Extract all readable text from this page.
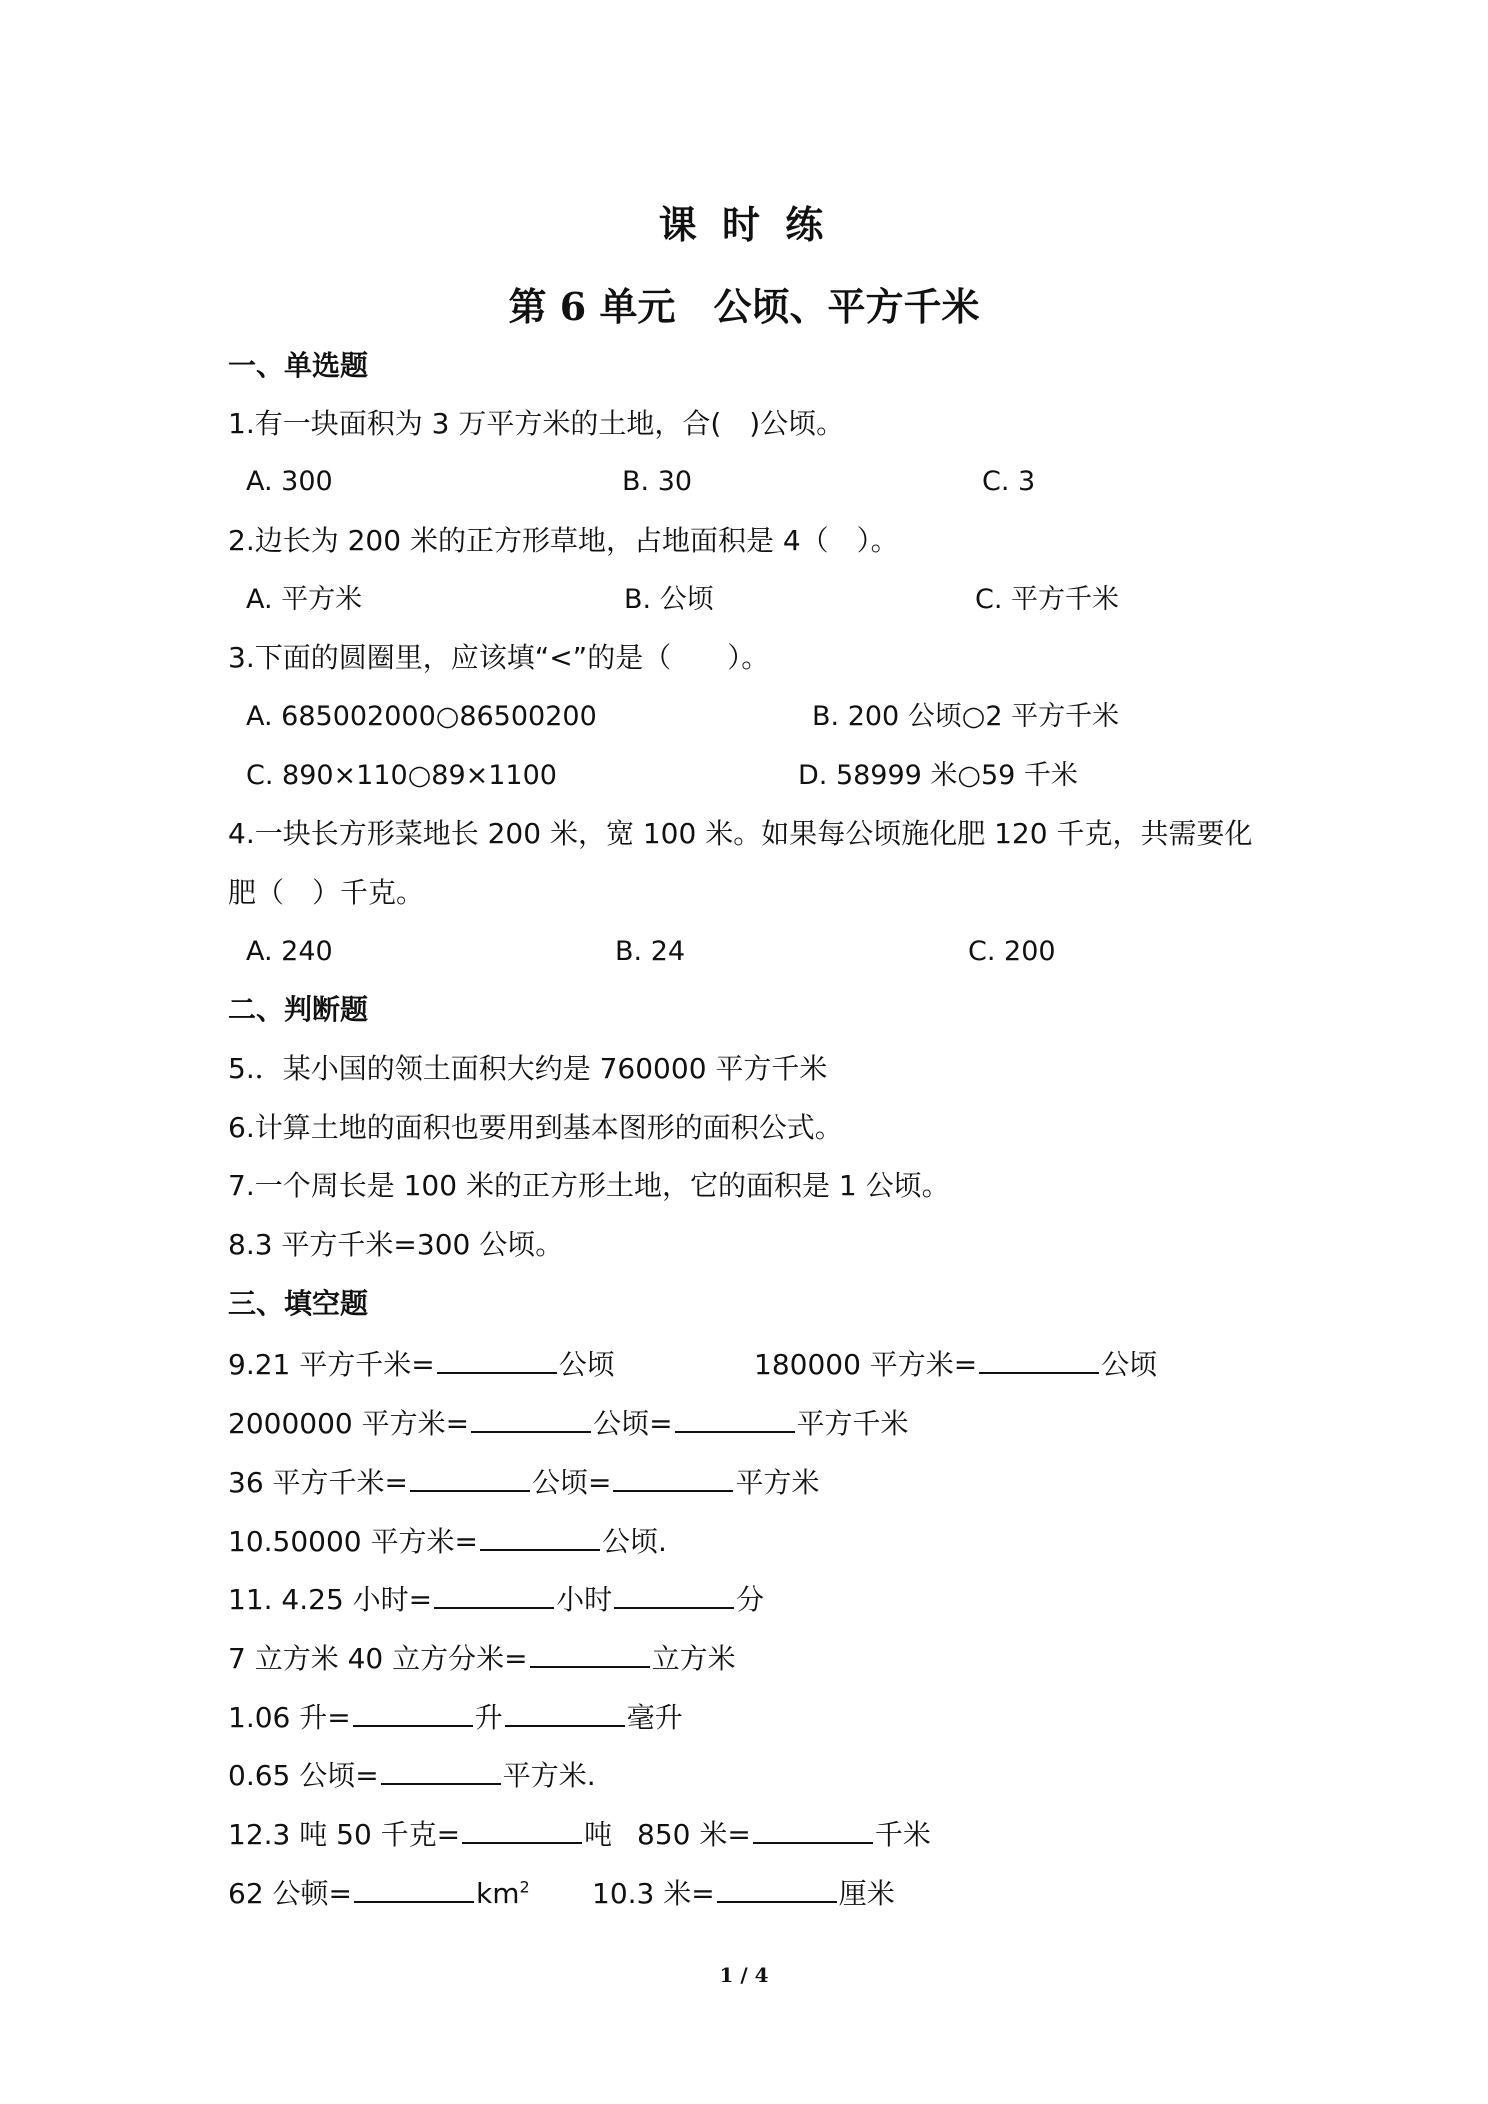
课 时 练
第 6 单元　公顷、平方千米
一、单选题
1.有一块面积为 3 万平方米的土地，合(　)公顷。
A. 300	B. 30	C. 3
2.边长为 200 米的正方形草地，占地面积是 4（　）。
A. 平方米	B. 公顷	C. 平方千米
3.下面的圆圈里，应该填“<”的是（　　）。
A. 685002000○86500200	B. 200 公顷○2 平方千米
C. 890×110○89×1100	D. 58999 米○59 千米
4.一块长方形菜地长 200 米，宽 100 米。如果每公顷施化肥 120 千克，共需要化
肥（　）千克。
A. 240	B. 24	C. 200
二、判断题
5.．某小国的领土面积大约是 760000 平方千米
6.计算土地的面积也要用到基本图形的面积公式。
7.一个周长是 100 米的正方形土地，它的面积是 1 公顷。
8.3 平方千米=300 公顷。
三、填空题
9.21 平方千米=	公顷	180000 平方米=	公顷
2000000 平方米=	公顷=	平方千米
36 平方千米=	公顷=	平方米
10.50000 平方米=	公顷.
11. 4.25 小时=	小时	分
7 立方米 40 立方分米=	立方米
1.06 升=	升	毫升
0.65 公顷=	平方米.
12.3 吨 50 千克=	吨 850 米=	千米
62 公顿=	$km^2$ 10.3 米=	厘米
1 / 4
